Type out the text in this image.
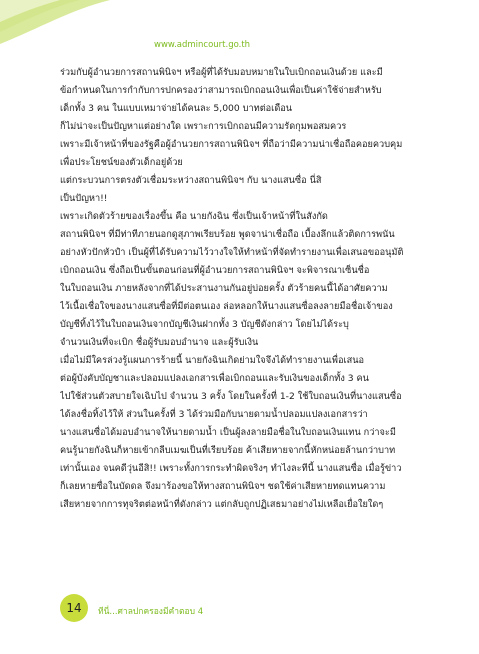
www.admincourt.go.th
ร่วมกับผู้อำนวยการสถานพินิจฯ หรือผู้ที่ได้รับมอบหมายในใบเบิกถอนเงินด้วย และมี
ข้อกำหนดในการกำกับการปกครองว่าสามารถเบิกถอนเงินเพื่อเป็นค่าใช้จ่ายสำหรับ
เด็กทั้ง 3 คน ในแบบเหมาจ่ายได้คนละ 5,000 บาทต่อเดือน
ก็ไม่น่าจะเป็นปัญหาแต่อย่างใด เพราะการเบิกถอนมีความรัดกุมพอสมควร
เพราะมีเจ้าหน้าที่ของรัฐคือผู้อำนวยการสถานพินิจฯ ที่ถือว่ามีความน่าเชื่อถือคอยควบคุม
เพื่อประโยชน์ของตัวเด็กอยู่ด้วย
แต่กระบวนการตรงตัวเชื่อมระหว่างสถานพินิจฯ กับ นางแสนซื่อ นี่สิ
เป็นปัญหา!!
เพราะเกิดตัวร้ายของเรื่องขึ้น คือ นายกังฉิน ซึ่งเป็นเจ้าหน้าที่ในสังกัด
สถานพินิจฯ ที่มีท่าทีภายนอกดูสุภาพเรียบร้อย พูดจาน่าเชื่อถือ เบื้องลึกแล้วติดการพนัน
อย่างหัวปักหัวปำ เป็นผู้ที่ได้รับความไว้วางใจให้ทำหน้าที่จัดทำรายงานเพื่อเสนอขออนุมัติ
เบิกถอนเงิน ซึ่งถือเป็นขั้นตอนก่อนที่ผู้อำนวยการสถานพินิจฯ จะพิจารณาเซ็นชื่อ
ในใบถอนเงิน ภายหลังจากที่ได้ประสานงานกันอยู่บ่อยครั้ง ตัวร้ายคนนี้ได้อาศัยความ
ไว้เนื้อเชื่อใจของนางแสนซื่อที่มีต่อตนเอง ล่อหลอกให้นางแสนซื่อลงลายมือชื่อเจ้าของ
บัญชีทิ้งไว้ในใบถอนเงินจากบัญชีเงินฝากทั้ง 3 บัญชีดังกล่าว โดยไม่ได้ระบุ
จำนวนเงินที่จะเบิก ชื่อผู้รับมอบอำนาจ และผู้รับเงิน
เมื่อไม่มีใครล่วงรู้แผนการร้ายนี้ นายกังฉินเกิดย่ามใจจึงได้ทำรายงานเพื่อเสนอ
ต่อผู้บังคับบัญชาและปลอมแปลงเอกสารเพื่อเบิกถอนและรับเงินของเด็กทั้ง 3 คน
ไปใช้ส่วนตัวสบายใจเฉิบไป จำนวน 3 ครั้ง โดยในครั้งที่ 1-2 ใช้ใบถอนเงินที่นางแสนซื่อ
ได้ลงชื่อทิ้งไว้ให้ ส่วนในครั้งที่ 3 ได้ร่วมมือกับนายดามน้ำปลอมแปลงเอกสารว่า
นางแสนซื่อได้มอบอำนาจให้นายดามน้ำ เป็นผู้ลงลายมือชื่อในใบถอนเงินแทน กว่าจะมี
คนรู้นายกังฉินก็หายเข้ากลีบเมฆเป็นที่เรียบร้อย ค้าเสียหายจากนี้หักหน่อยล้านกว่าบาท
เท่านั้นเอง จนคดีวุ่นอีสิ!! เพราะทั้งการกระทำผิดจริงๆ ทำไงละทีนี้ นางแสนซื่อ เมื่อรู้ข่าว
ก็เลยหายซื่อในบัดดล จึงมาร้องขอให้ทางสถานพินิจฯ ชดใช้ค่าเสียหายทดแทนความ
เสียหายจากการทุจริตต่อหน้าที่ดังกล่าว แต่กลับถูกปฏิเสธมาอย่างไม่เหลือเยื่อใยใดๆ
14 ทีนี่...ศาลปกครองมีคำตอบ 4
